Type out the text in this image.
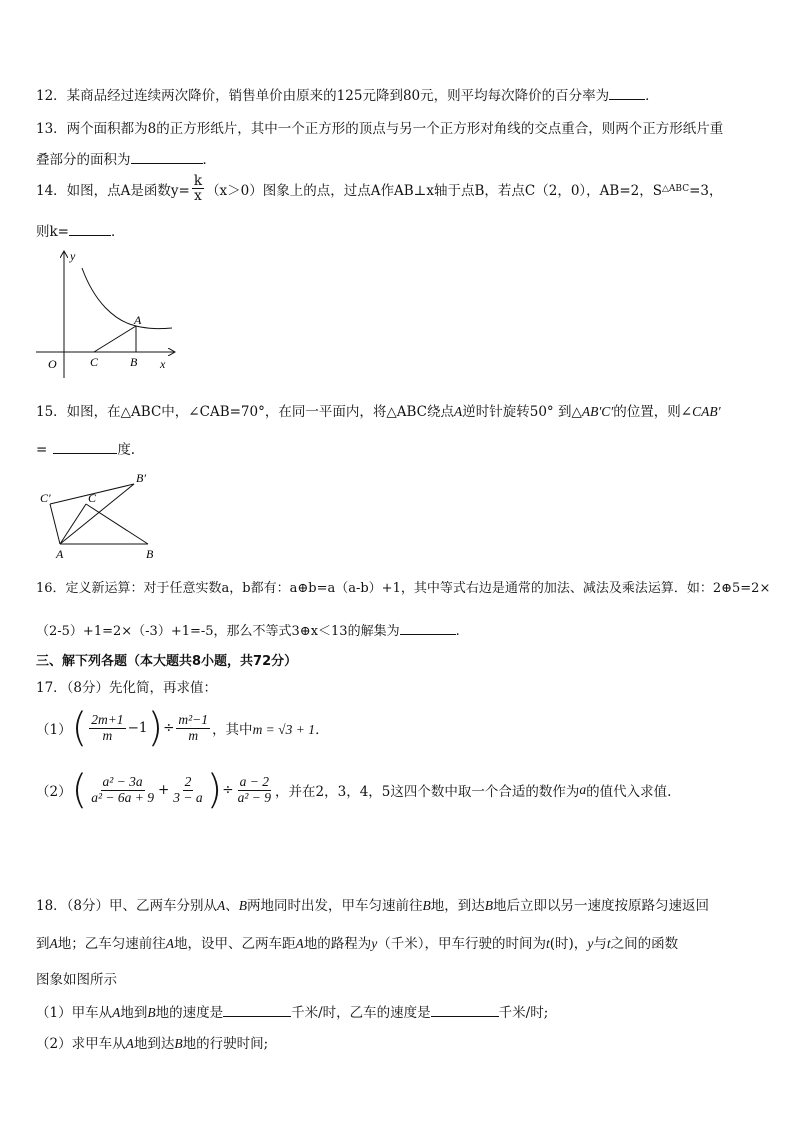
12．某商品经过连续两次降价，销售单价由原来的125元降到80元，则平均每次降价的百分率为	．
13．两个面积都为8的正方形纸片，其中一个正方形的顶点与另一个正方形对角线的交点重合，则两个正方形纸片重
叠部分的面积为	．
14．如图，点A是函数$y= \frac{k}{x} (x>0)$图象上的点，过点A作AB⊥x轴于点B，若点C（2，0），AB=2，S △ABC =3，
则k=	．
y
O	C	B x
A
15．如图，在△ABC中，∠CAB=70°，在同一平面内，将△ABC绕点A逆时针旋转50° 到△AB′C′的位置，则∠CAB′
=	度.
C′	C
B′
A	B
16．定义新运算：对于任意实数a，b都有：a⊕b=a（a-b）+1，其中等式右边是通常的加法、减法及乘法运算．如：2⊕5=2×
（2-5）+1=2×（-3）+1=-5，那么不等式3⊕x＜13的解集为	.
三、解下列各题（本大题共8小题，共72分）
17．（8分）先化简，再求值：
（1） ( $\frac{2m+1}{m} -1$ ) ÷ $\frac{\text{m²−1}}{m}$ ，其中 m = √3 + 1．
（2） ( $\frac{\text{a² − 3a}}{\text{a² − 6a + 9}} + \frac{2}{3 - a}$ ) ÷ $\frac{a - 2}{\text{a² − 9}}$ ，并在2，3，4，5这四个数中取一个合适的数作为 a 的值代入求值.
18．（8分）甲、乙两车分别从A、B两地同时出发，甲车匀速前往B地，到达B地后立即以另一速度按原路匀速返回
到A地；乙车匀速前往A地，设甲、乙两车距A地的路程为y（千米），甲车行驶的时间为t(时)，y与t之间的函数
图象如图所示
（1）甲车从A地到B地的速度是	千米/时，乙车的速度是	千米/时;
（2）求甲车从A地到达B地的行驶时间;
